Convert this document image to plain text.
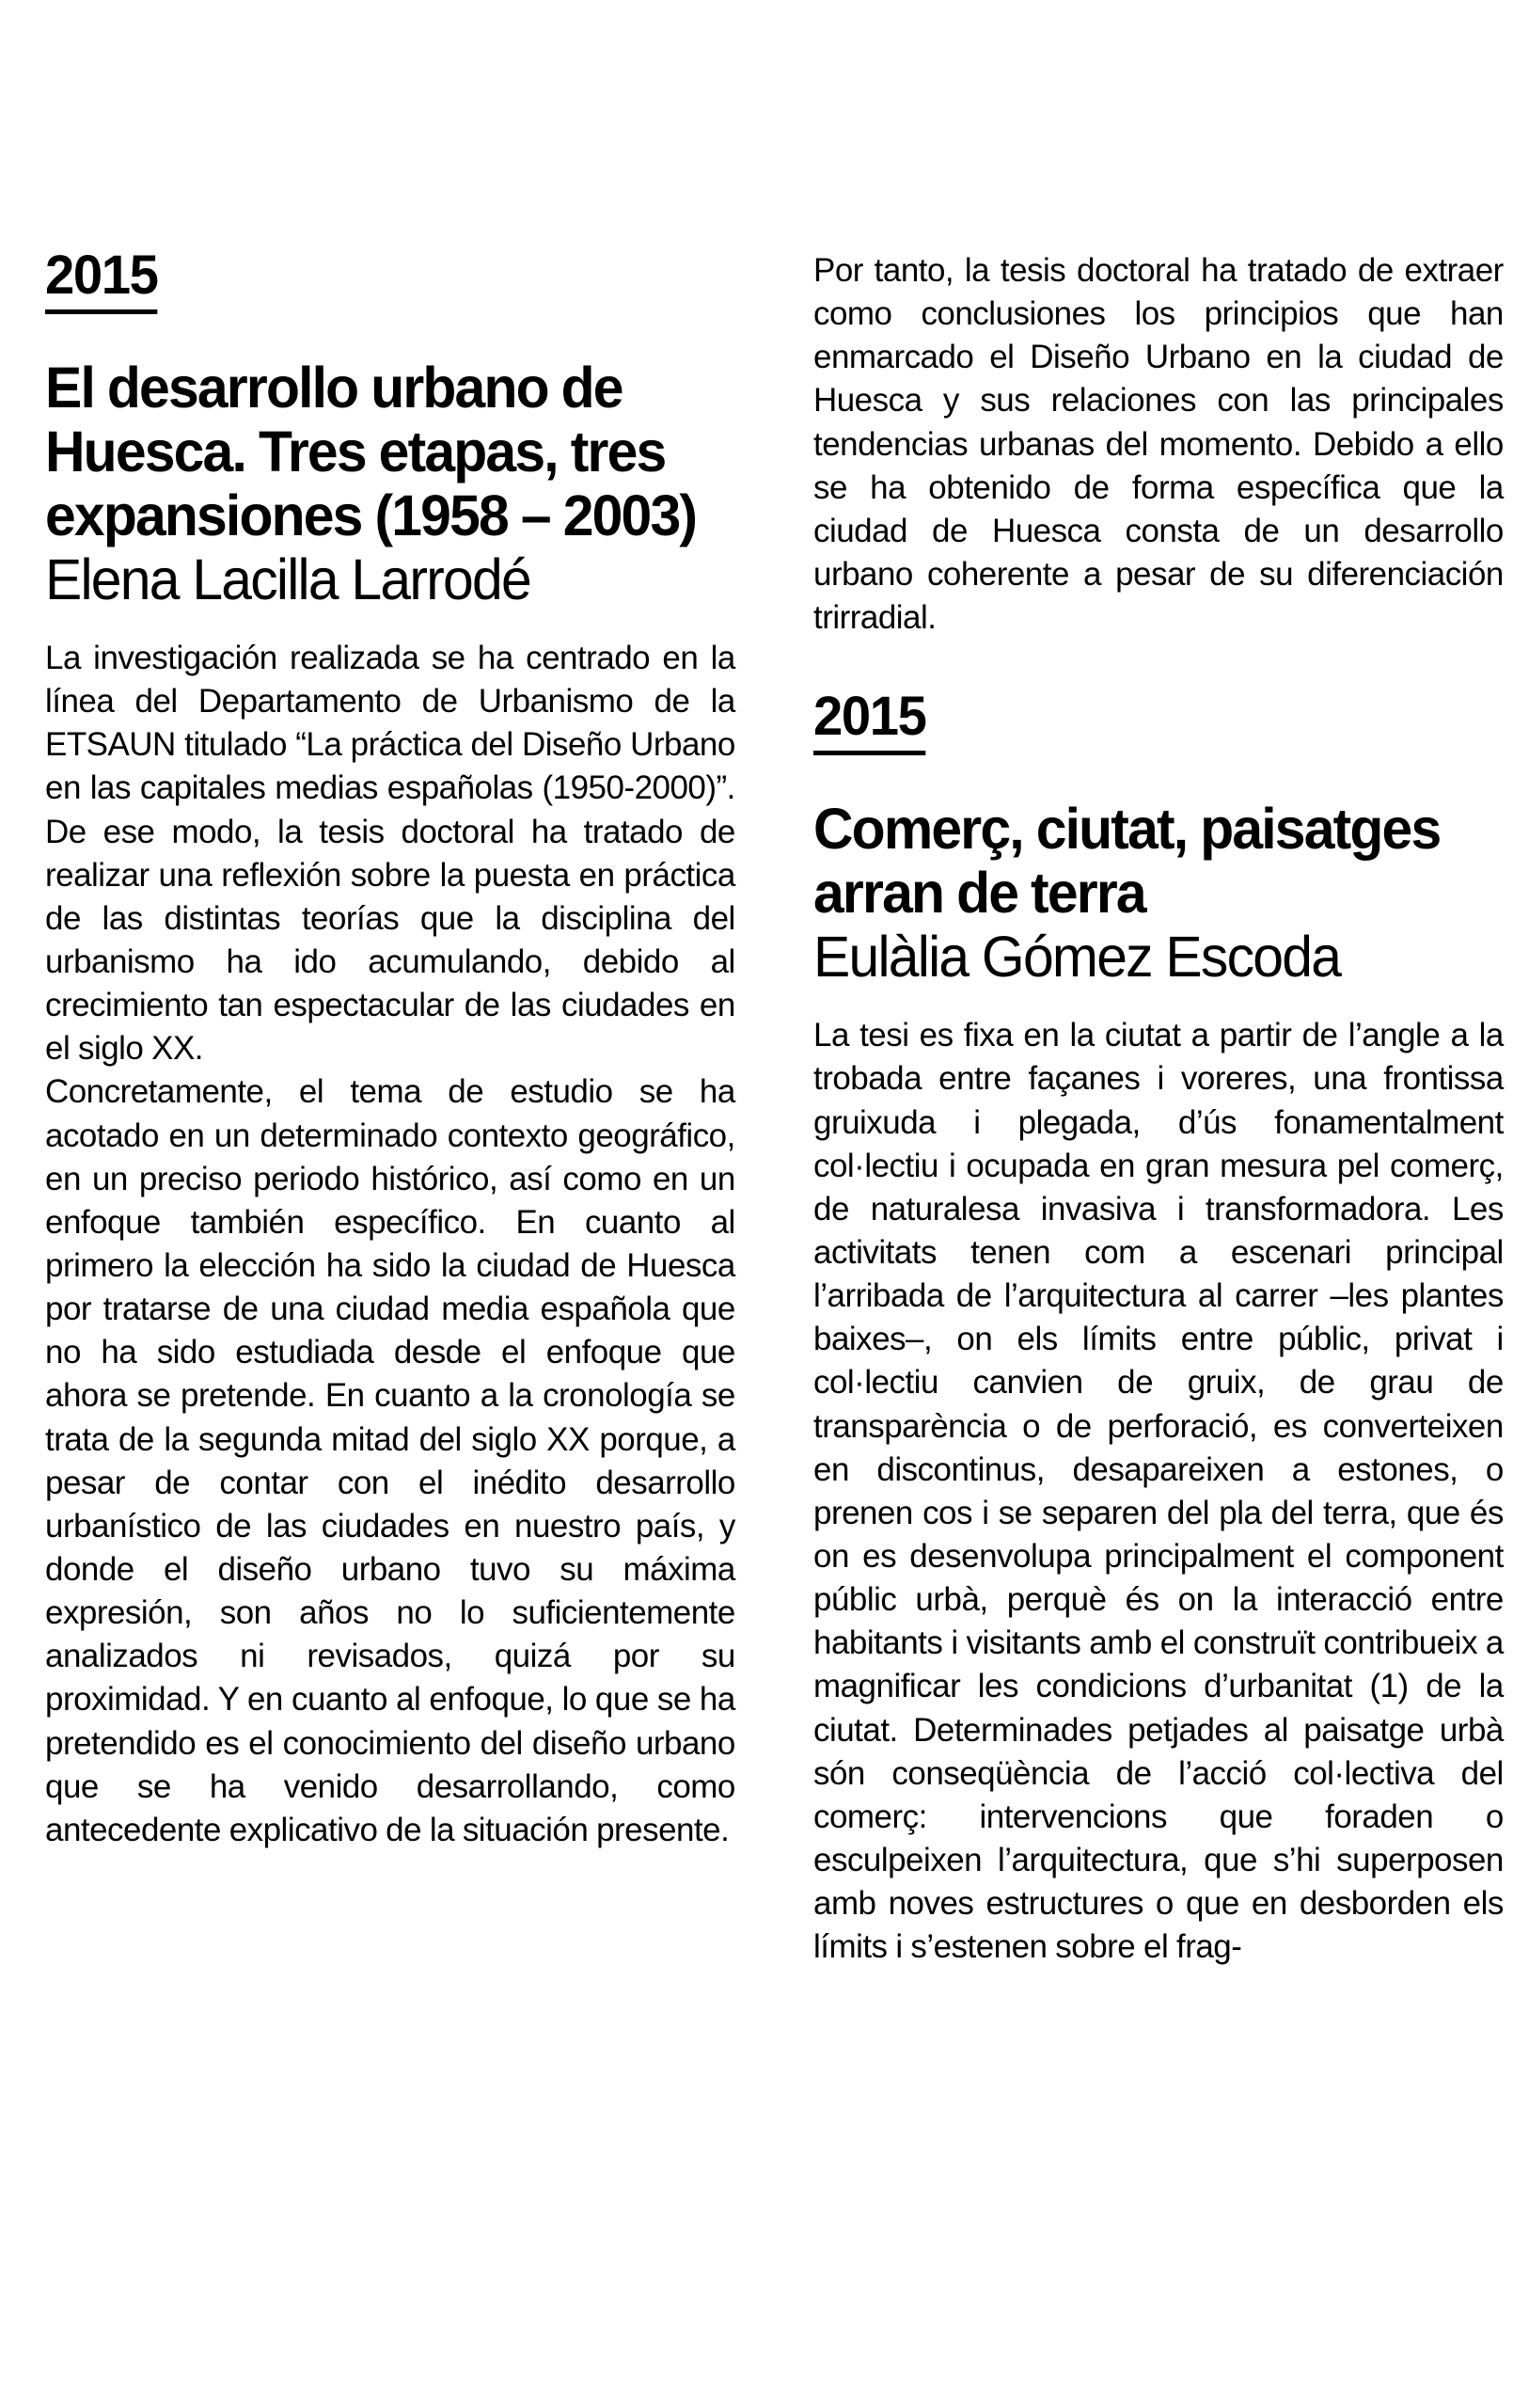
2015
El desarrollo urbano de Huesca. Tres etapas, tres expansiones (1958 – 2003)
Elena Lacilla Larrodé

La investigación realizada se ha centrado en la línea del Departamento de Urbanismo de la ETSAUN titulado “La práctica del Diseño Urbano en las capitales medias españolas (1950-2000)”. De ese modo, la tesis doctoral ha tratado de realizar una reflexión sobre la puesta en práctica de las distintas teorías que la disciplina del urbanismo ha ido acumulando, debido al crecimiento tan espectacular de las ciudades en el siglo XX.

Concretamente, el tema de estudio se ha acotado en un determinado contexto geográfico, en un preciso periodo histórico, así como en un enfoque también específico. En cuanto al primero la elección ha sido la ciudad de Huesca por tratarse de una ciudad media española que no ha sido estudiada desde el enfoque que ahora se pretende. En cuanto a la cronología se trata de la segunda mitad del siglo XX porque, a pesar de contar con el inédito desarrollo urbanístico de las ciudades en nuestro país, y donde el diseño urbano tuvo su máxima expresión, son años no lo suficientemente analizados ni revisados, quizá por su proximidad. Y en cuanto al enfoque, lo que se ha pretendido es el conocimiento del diseño urbano que se ha venido desarrollando, como antecedente explicativo de la situación presente.

Por tanto, la tesis doctoral ha tratado de extraer como conclusiones los principios que han enmarcado el Diseño Urbano en la ciudad de Huesca y sus relaciones con las principales tendencias urbanas del momento. Debido a ello se ha obtenido de forma específica que la ciudad de Huesca consta de un desarrollo urbano coherente a pesar de su diferenciación trirradial.

2015
Comerç, ciutat, paisatges arran de terra
Eulàlia Gómez Escoda

La tesi es fixa en la ciutat a partir de l’angle a la trobada entre façanes i voreres, una frontissa gruixuda i plegada, d’ús fonamentalment col·lectiu i ocupada en gran mesura pel comerç, de naturalesa invasiva i transformadora. Les activitats tenen com a escenari principal l’arribada de l’arquitectura al carrer –les plantes baixes–, on els límits entre públic, privat i col·lectiu canvien de gruix, de grau de transparència o de perforació, es converteixen en discontinus, desapareixen a estones, o prenen cos i se separen del pla del terra, que és on es desenvolupa principalment el component públic urbà, perquè és on la interacció entre habitants i visitants amb el construït contribueix a magnificar les condicions d’urbanitat (1) de la ciutat. Determinades petjades al paisatge urbà són conseqüència de l’acció col·lectiva del comerç: intervencions que foraden o esculpeixen l’arquitectura, que s’hi superposen amb noves estructures o que en desborden els límits i s’estenen sobre el frag-
